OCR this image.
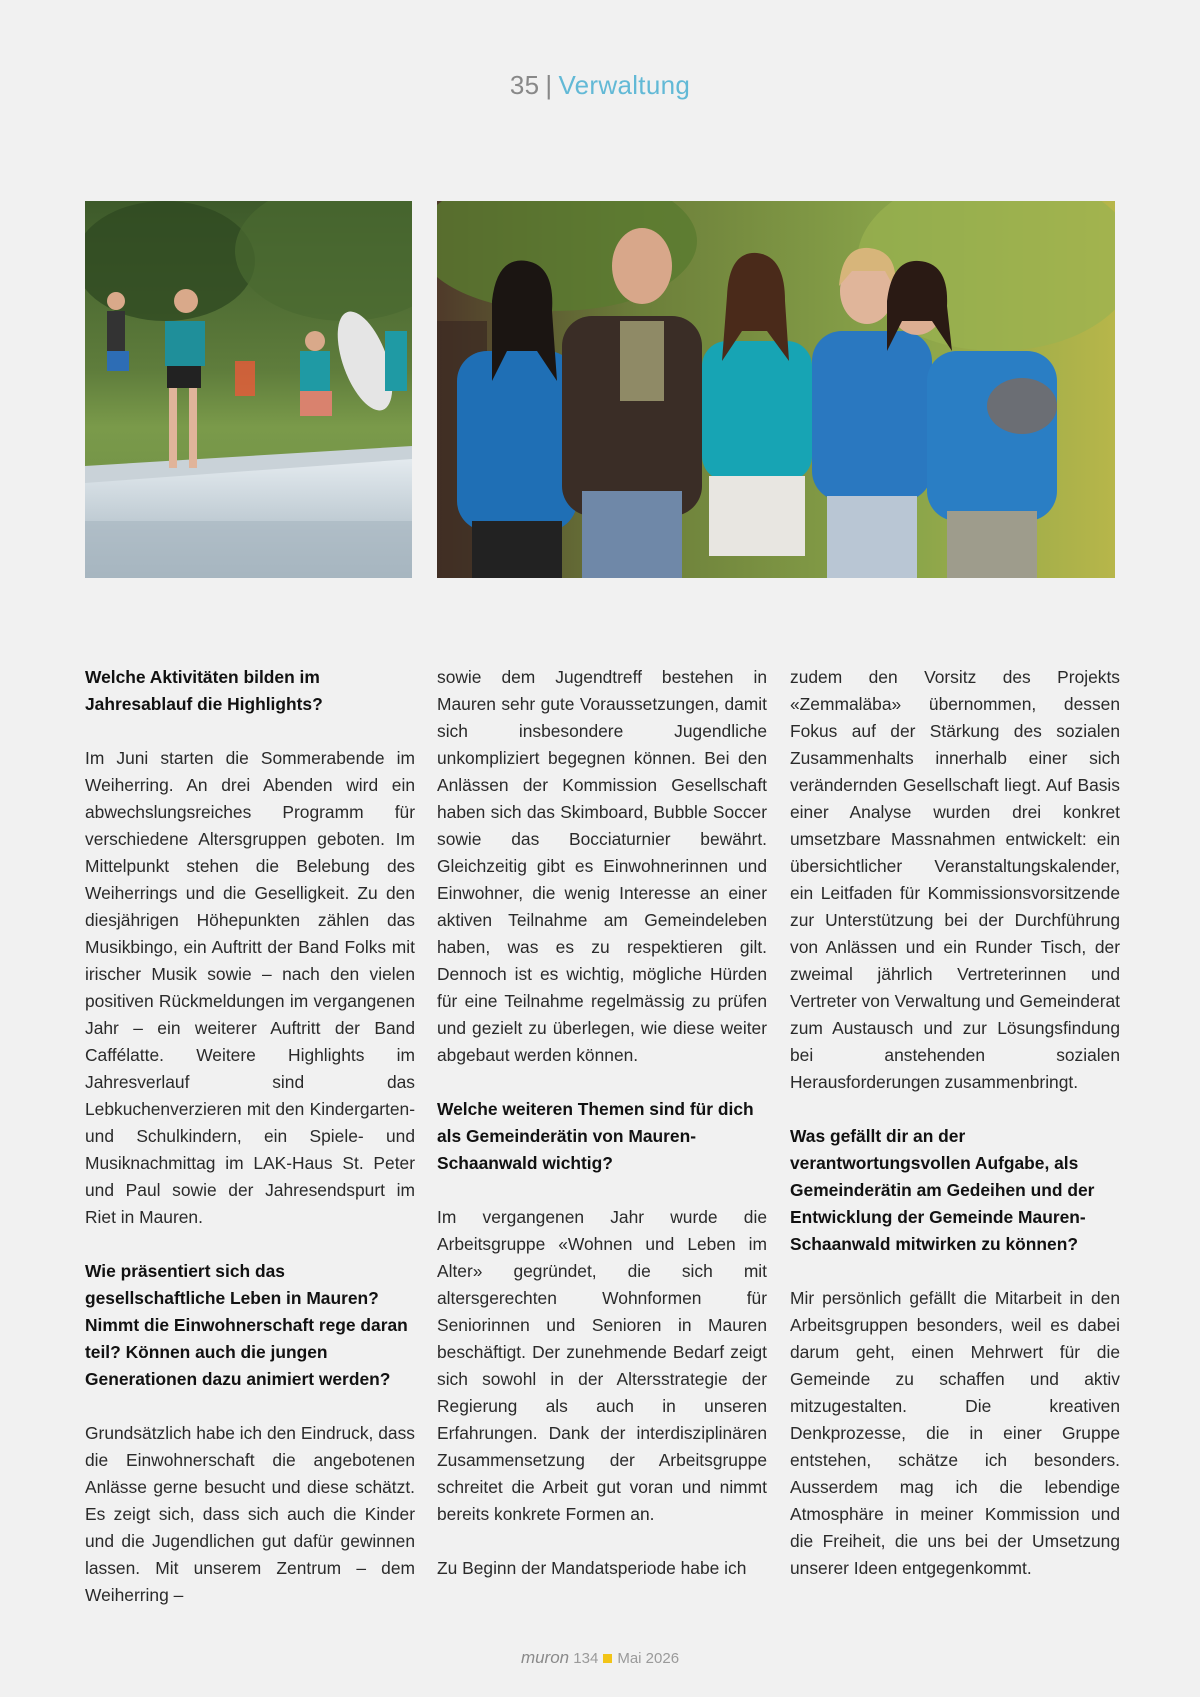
35 | Verwaltung
Welche Aktivitäten bilden im Jahresablauf die Highlights?

Im Juni starten die Sommerabende im Weiherring. An drei Abenden wird ein abwechslungsreiches Programm für verschiedene Altersgruppen geboten. Im Mittelpunkt stehen die Belebung des Weiherrings und die Geselligkeit. Zu den diesjährigen Höhepunkten zählen das Musikbingo, ein Auftritt der Band Folks mit irischer Musik sowie – nach den vielen positiven Rückmeldungen im vergangenen Jahr – ein weiterer Auftritt der Band Caffélatte. Weitere Highlights im Jahresverlauf sind das Lebkuchenverzieren mit den Kindergarten- und Schulkindern, ein Spiele- und Musiknachmittag im LAK-Haus St. Peter und Paul sowie der Jahresendspurt im Riet in Mauren.

Wie präsentiert sich das gesellschaftliche Leben in Mauren? Nimmt die Einwohnerschaft rege daran teil? Können auch die jungen Generationen dazu animiert werden?

Grundsätzlich habe ich den Eindruck, dass die Einwohnerschaft die angebotenen Anlässe gerne besucht und diese schätzt. Es zeigt sich, dass sich auch die Kinder und die Jugendlichen gut dafür gewinnen lassen. Mit unserem Zentrum – dem Weiherring –

sowie dem Jugendtreff bestehen in Mauren sehr gute Voraussetzungen, damit sich insbesondere Jugendliche unkompliziert begegnen können. Bei den Anlässen der Kommission Gesellschaft haben sich das Skimboard, Bubble Soccer sowie das Bocciaturnier bewährt. Gleichzeitig gibt es Einwohnerinnen und Einwohner, die wenig Interesse an einer aktiven Teilnahme am Gemeindeleben haben, was es zu respektieren gilt. Dennoch ist es wichtig, mögliche Hürden für eine Teilnahme regelmässig zu prüfen und gezielt zu überlegen, wie diese weiter abgebaut werden können.

Welche weiteren Themen sind für dich als Gemeinderätin von Mauren-Schaanwald wichtig?

Im vergangenen Jahr wurde die Arbeitsgruppe «Wohnen und Leben im Alter» gegründet, die sich mit altersgerechten Wohnformen für Seniorinnen und Senioren in Mauren beschäftigt. Der zunehmende Bedarf zeigt sich sowohl in der Altersstrategie der Regierung als auch in unseren Erfahrungen. Dank der interdisziplinären Zusammensetzung der Arbeitsgruppe schreitet die Arbeit gut voran und nimmt bereits konkrete Formen an.

Zu Beginn der Mandatsperiode habe ich

zudem den Vorsitz des Projekts «Zemmaläba» übernommen, dessen Fokus auf der Stärkung des sozialen Zusammenhalts innerhalb einer sich verändernden Gesellschaft liegt. Auf Basis einer Analyse wurden drei konkret umsetzbare Massnahmen entwickelt: ein übersichtlicher Veranstaltungskalender, ein Leitfaden für Kommissionsvorsitzende zur Unterstützung bei der Durchführung von Anlässen und ein Runder Tisch, der zweimal jährlich Vertreterinnen und Vertreter von Verwaltung und Gemeinderat zum Austausch und zur Lösungsfindung bei anstehenden sozialen Herausforderungen zusammenbringt.

Was gefällt dir an der verantwortungsvollen Aufgabe, als Gemeinderätin am Gedeihen und der Entwicklung der Gemeinde Mauren-Schaanwald mitwirken zu können?

Mir persönlich gefällt die Mitarbeit in den Arbeitsgruppen besonders, weil es dabei darum geht, einen Mehrwert für die Gemeinde zu schaffen und aktiv mitzugestalten. Die kreativen Denkprozesse, die in einer Gruppe entstehen, schätze ich besonders. Ausserdem mag ich die lebendige Atmosphäre in meiner Kommission und die Freiheit, die uns bei der Umsetzung unserer Ideen entgegenkommt.

muron 134 Mai 2026
